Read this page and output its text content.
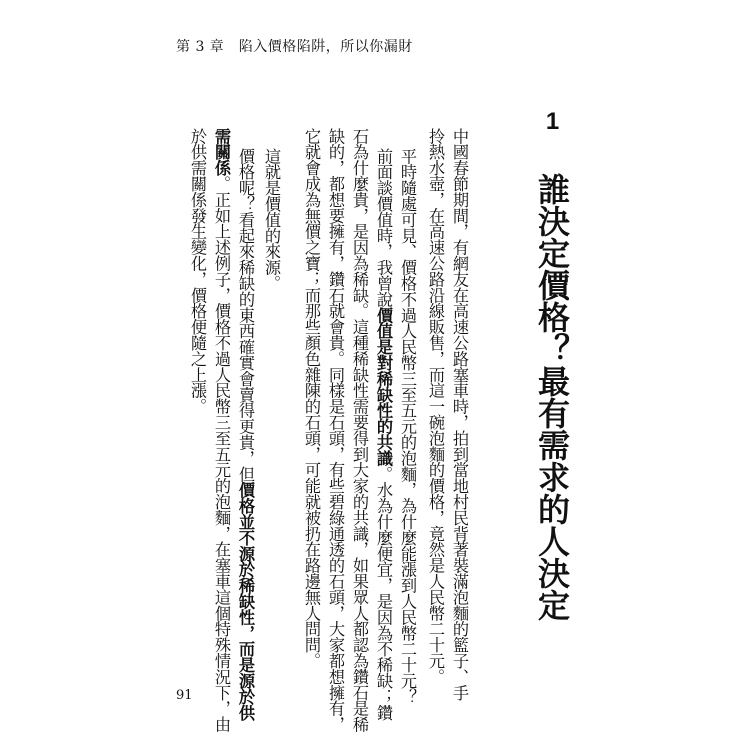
第 3 章　陷入價格陷阱，所以你漏財
1 誰決定價格？最有需求的人決定
中國春節期間，有網友在高速公路塞車時，拍到當地村民背著裝滿泡麵的籃子、手
拎熱水壺，在高速公路沿線販售，而這一碗泡麵的價格，竟然是人民幣二十元。
平時隨處可見、價格不過人民幣三至五元的泡麵，為什麼能漲到人民幣二十元？
前面談價值時，我曾說價值是對稀缺性的共識。水為什麼便宜，是因為不稀缺；鑽
石為什麼貴，是因為稀缺。這種稀缺性需要得到大家的共識，如果眾人都認為鑽石是稀
缺的，都想要擁有，鑽石就會貴。同樣是石頭，有些碧綠通透的石頭，大家都想擁有，
它就會成為無價之寶；而那些顏色雜陳的石頭，可能就被扔在路邊無人問問。
這就是價值的來源。
價格呢？看起來稀缺的東西確實會賣得更貴，但價格並不源於稀缺性，而是源於供
需關係。正如上述例子，價格不過人民幣三至五元的泡麵，在塞車這個特殊情況下，由
於供需關係發生變化，價格便隨之上漲。
91
